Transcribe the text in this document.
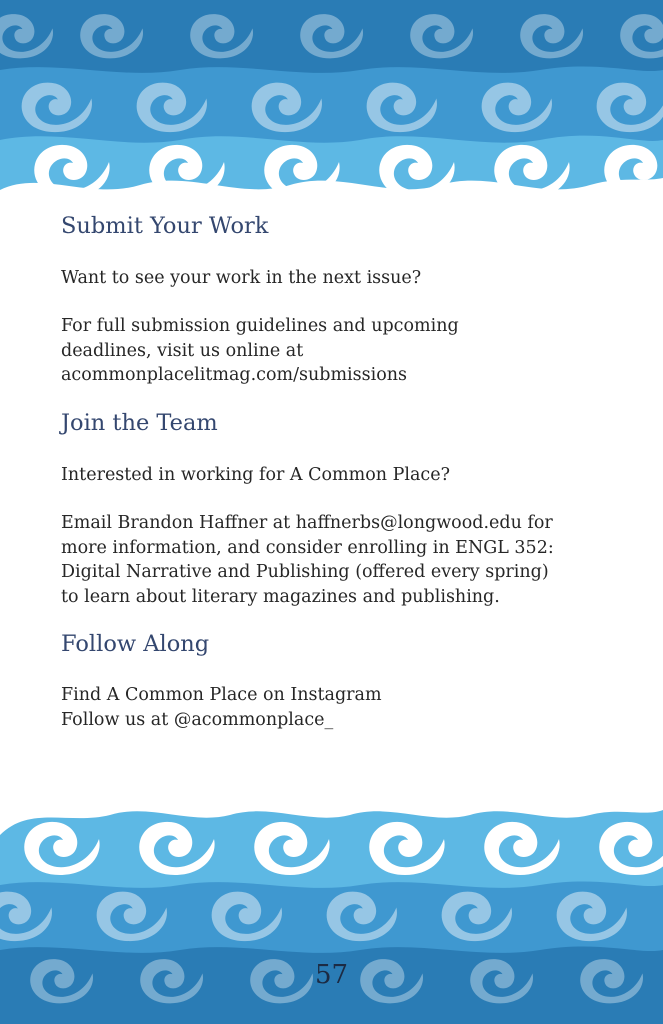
Submit Your Work

Want to see your work in the next issue?

For full submission guidelines and upcoming
deadlines, visit us online at
acommonplacelitmag.com/submissions

Join the Team

Interested in working for A Common Place?

Email Brandon Haffner at haffnerbs@longwood.edu for
more information, and consider enrolling in ENGL 352:
Digital Narrative and Publishing (offered every spring)
to learn about literary magazines and publishing.

Follow Along

Find A Common Place on Instagram
Follow us at @acommonplace_

57
